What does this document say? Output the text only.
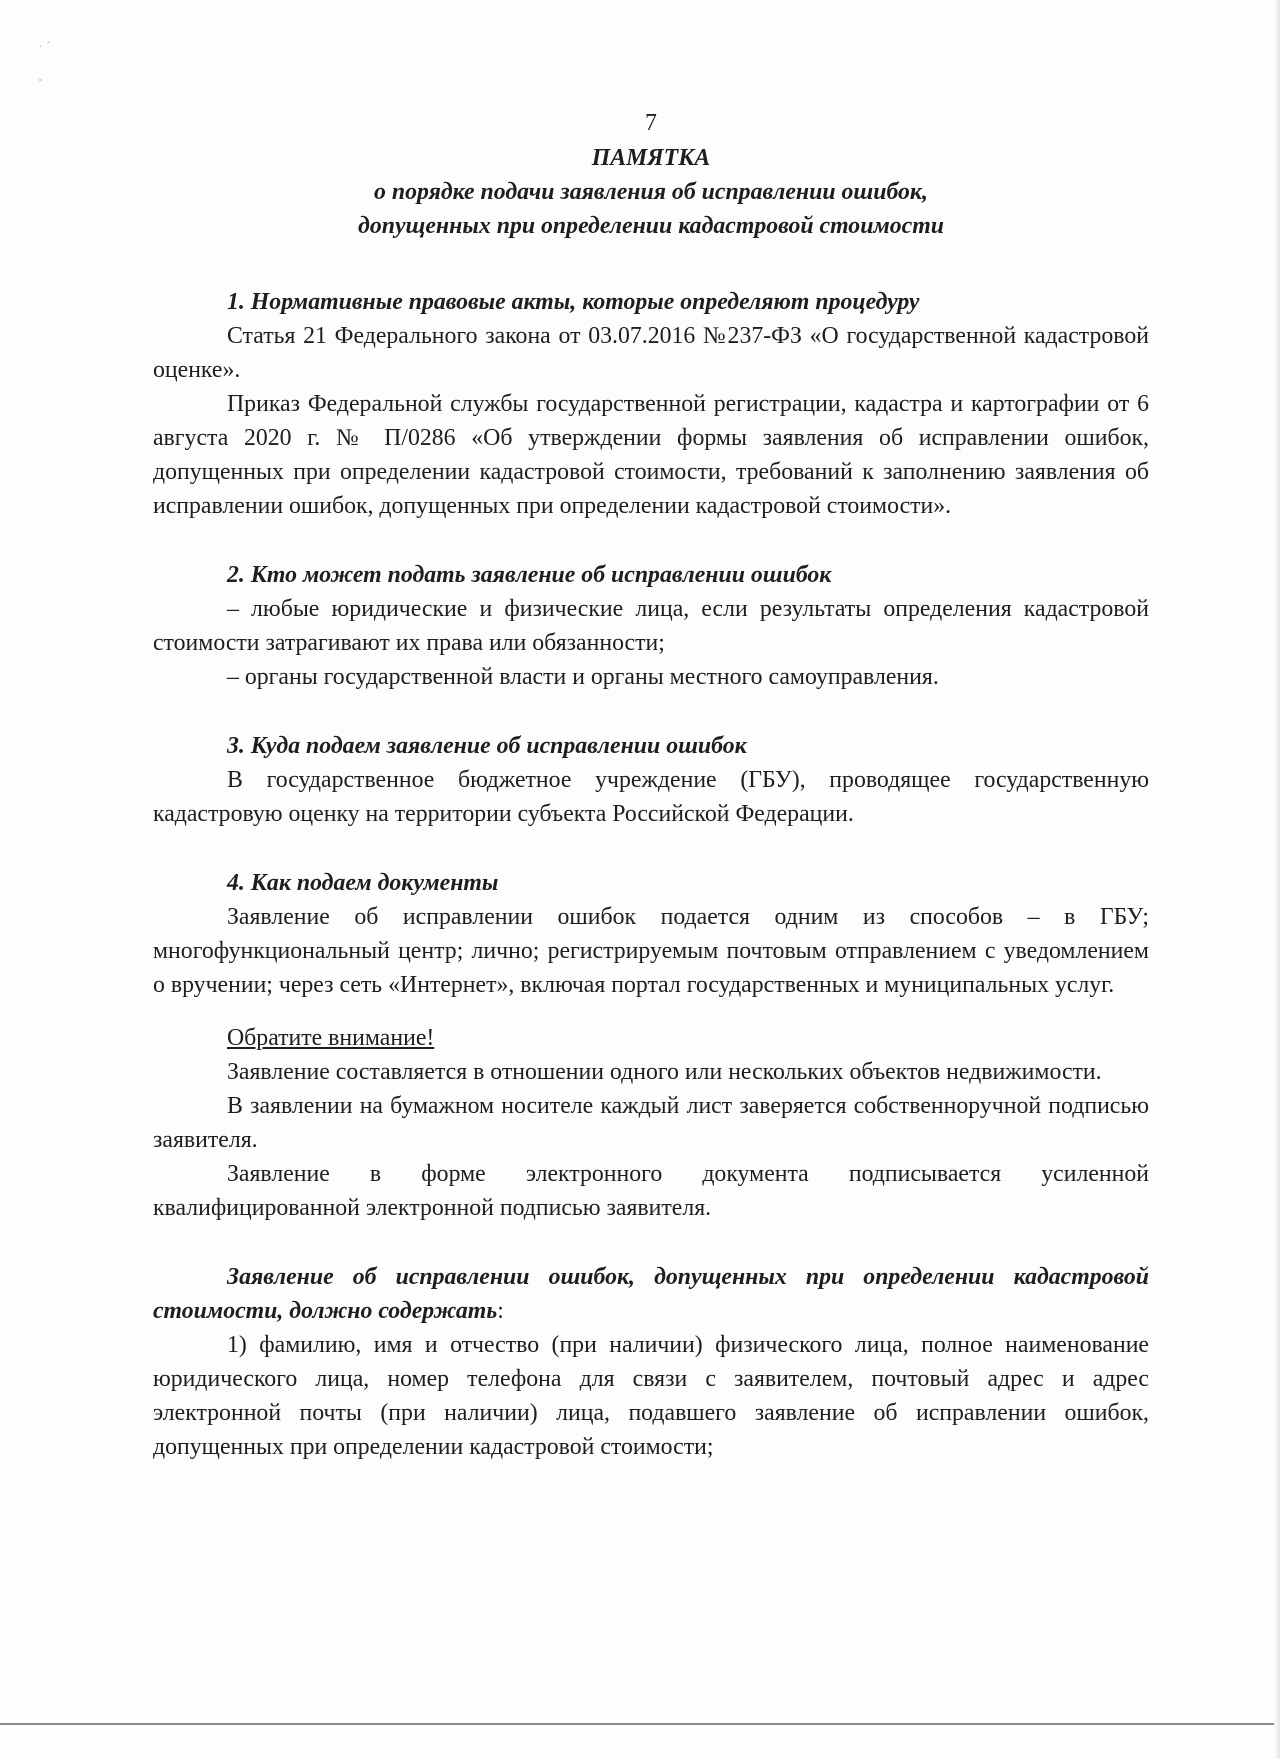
· ˊ
-

7

ПАМЯТКА

о порядке подачи заявления об исправлении ошибок,

допущенных при определении кадастровой стоимости

1. Нормативные правовые акты, которые определяют процедуру

Статья 21 Федерального закона от 03.07.2016 №237-ФЗ «О государственной кадастровой оценке».

Приказ Федеральной службы государственной регистрации, кадастра и картографии от 6 августа 2020 г. № П/0286 «Об утверждении формы заявления об исправлении ошибок, допущенных при определении кадастровой стоимости, требований к заполнению заявления об исправлении ошибок, допущенных при определении кадастровой стоимости».

2. Кто может подать заявление об исправлении ошибок

– любые юридические и физические лица, если результаты определения кадастровой стоимости затрагивают их права или обязанности;

– органы государственной власти и органы местного самоуправления.

3. Куда подаем заявление об исправлении ошибок

В государственное бюджетное учреждение (ГБУ), проводящее государственную кадастровую оценку на территории субъекта Российской Федерации.

4. Как подаем документы

Заявление об исправлении ошибок подается одним из способов – в ГБУ; многофункциональный центр; лично; регистрируемым почтовым отправлением с уведомлением о вручении; через сеть «Интернет», включая портал государственных и муниципальных услуг.

Обратите внимание!

Заявление составляется в отношении одного или нескольких объектов недвижимости.

В заявлении на бумажном носителе каждый лист заверяется собственноручной подписью заявителя.

Заявление в форме электронного документа подписывается усиленной квалифицированной электронной подписью заявителя.

Заявление об исправлении ошибок, допущенных при определении кадастровой стоимости, должно содержать:

1) фамилию, имя и отчество (при наличии) физического лица, полное наименование юридического лица, номер телефона для связи с заявителем, почтовый адрес и адрес электронной почты (при наличии) лица, подавшего заявление об исправлении ошибок, допущенных при определении кадастровой стоимости;
